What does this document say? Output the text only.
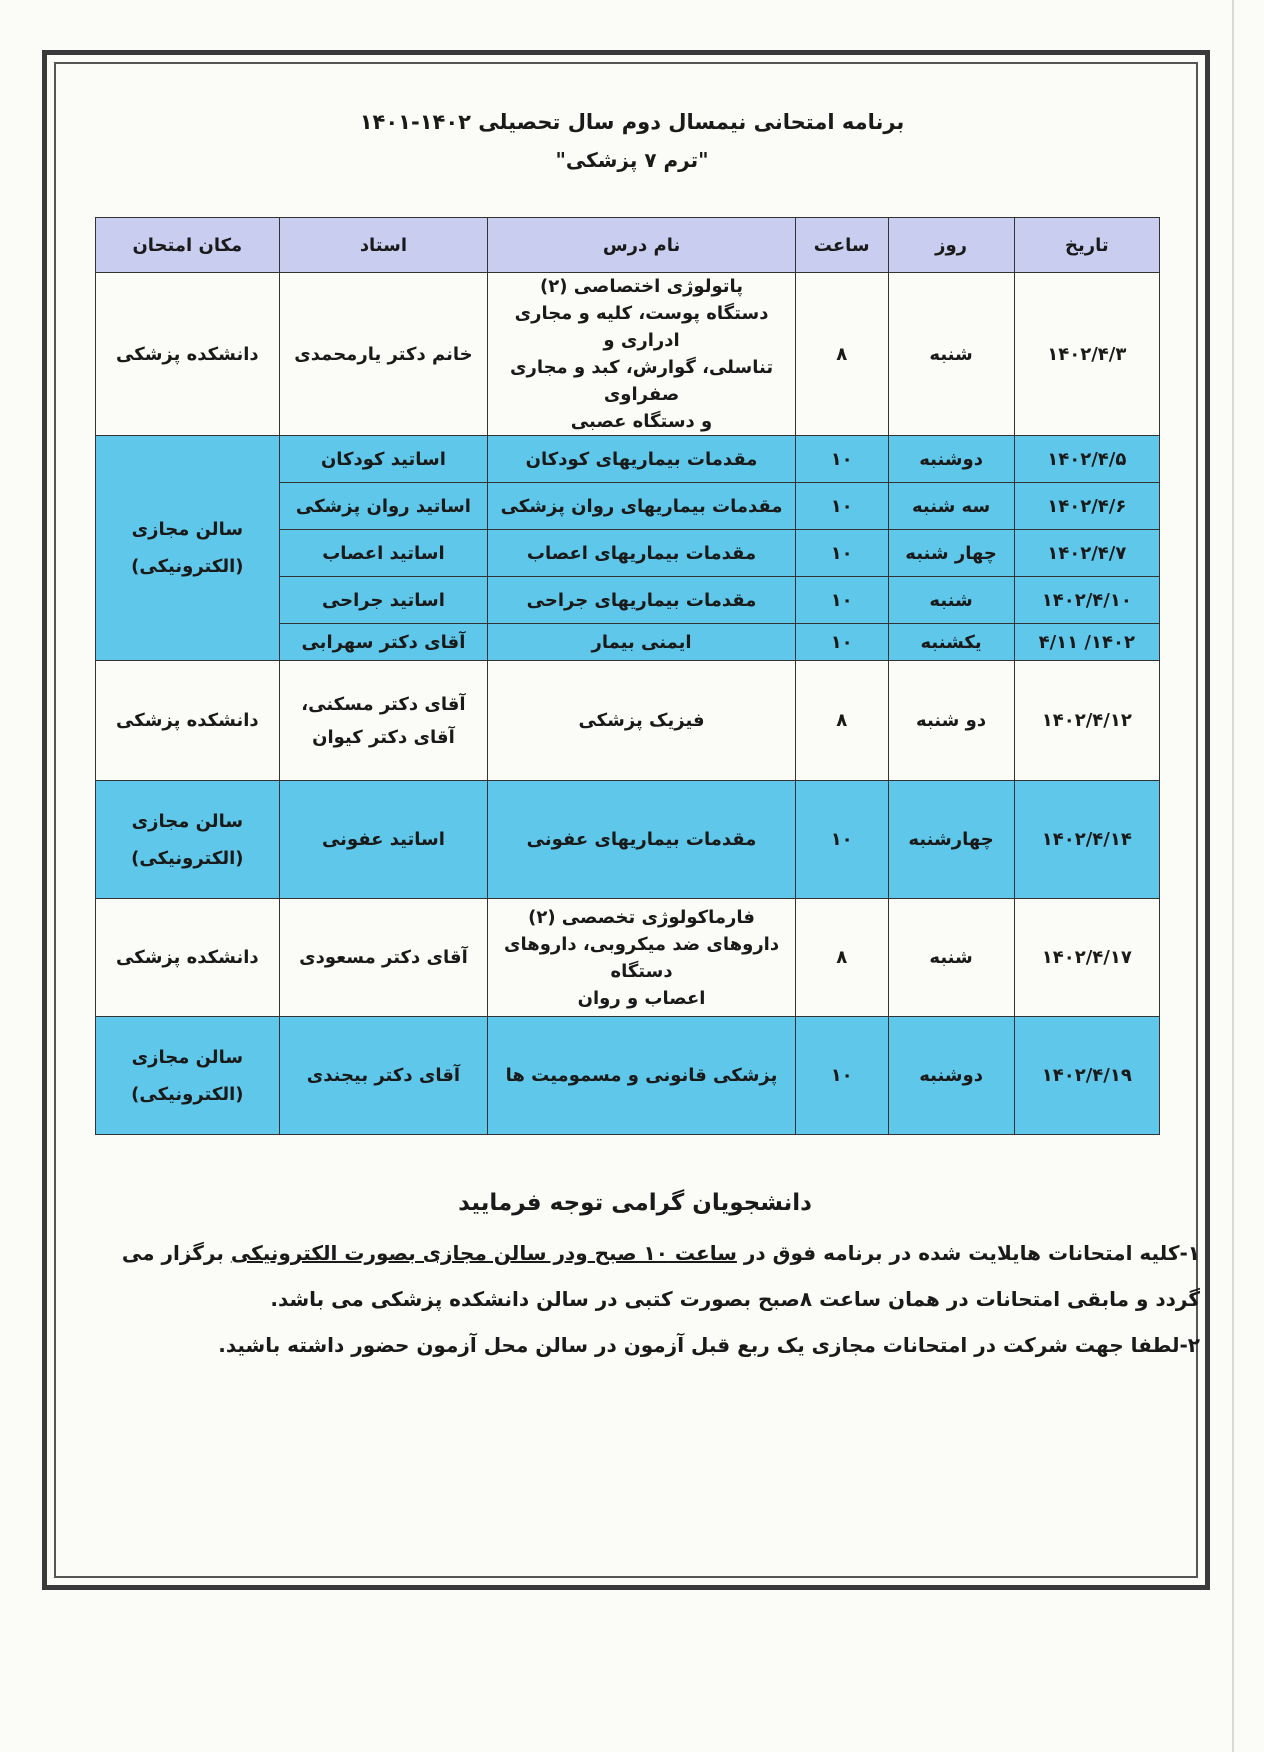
برنامه امتحانی نیمسال دوم سال تحصیلی ۱۴۰۲-۱۴۰۱
"ترم ۷ پزشکی"
تاریخ	روز	ساعت	نام درس	استاد	مکان امتحان
۱۴۰۲/۴/۳	شنبه	۸	پاتولوژی اختصاصی (۲)
دستگاه پوست، کلیه و مجاری ادراری و
تناسلی، گوارش، کبد و مجاری صفراوی
و دستگاه عصبی	خانم دکتر یارمحمدی	دانشکده پزشکی
۱۴۰۲/۴/۵	دوشنبه	۱۰	مقدمات بیماریهای کودکان	اساتید کودکان	سالن مجازی
(الکترونیکی)

۱۴۰۲/۴/۶	سه شنبه	۱۰	مقدمات بیماریهای روان پزشکی	اساتید روان پزشکی	
۱۴۰۲/۴/۷	چهار شنبه	۱۰	مقدمات بیماریهای اعصاب	اساتید اعصاب	
۱۴۰۲/۴/۱۰	شنبه	۱۰	مقدمات بیماریهای جراحی	اساتید جراحی	
۱۴۰۲/ ۴/۱۱	یکشنبه	۱۰	ایمنی بیمار	آقای دکتر سهرابی	
۱۴۰۲/۴/۱۲	دو شنبه	۸	فیزیک پزشکی	آقای دکتر مسکنی،
آقای دکتر کیوان	دانشکده پزشکی
۱۴۰۲/۴/۱۴	چهارشنبه	۱۰	مقدمات بیماریهای عفونی	اساتید عفونی	سالن مجازی
(الکترونیکی)

۱۴۰۲/۴/۱۷	شنبه	۸	فارماکولوژی تخصصی (۲)
داروهای ضد میکروبی، داروهای دستگاه
اعصاب و روان	آقای دکتر مسعودی	دانشکده پزشکی
۱۴۰۲/۴/۱۹	دوشنبه	۱۰	پزشکی قانونی و مسمومیت ها	آقای دکتر بیجندی	سالن مجازی
(الکترونیکی)
دانشجویان گرامی توجه فرمایید

۱-کلیه امتحانات هایلایت شده در برنامه فوق در ساعت ۱۰ صبح ودر سالن مجازی بصورت الکترونیکی برگزار می گردد و مابقی امتحانات در همان ساعت ۸صبح بصورت کتبی در سالن دانشکده پزشکی می باشد.

۲-لطفا جهت شرکت در امتحانات مجازی یک ربع قبل آزمون در سالن محل آزمون حضور داشته باشید.
